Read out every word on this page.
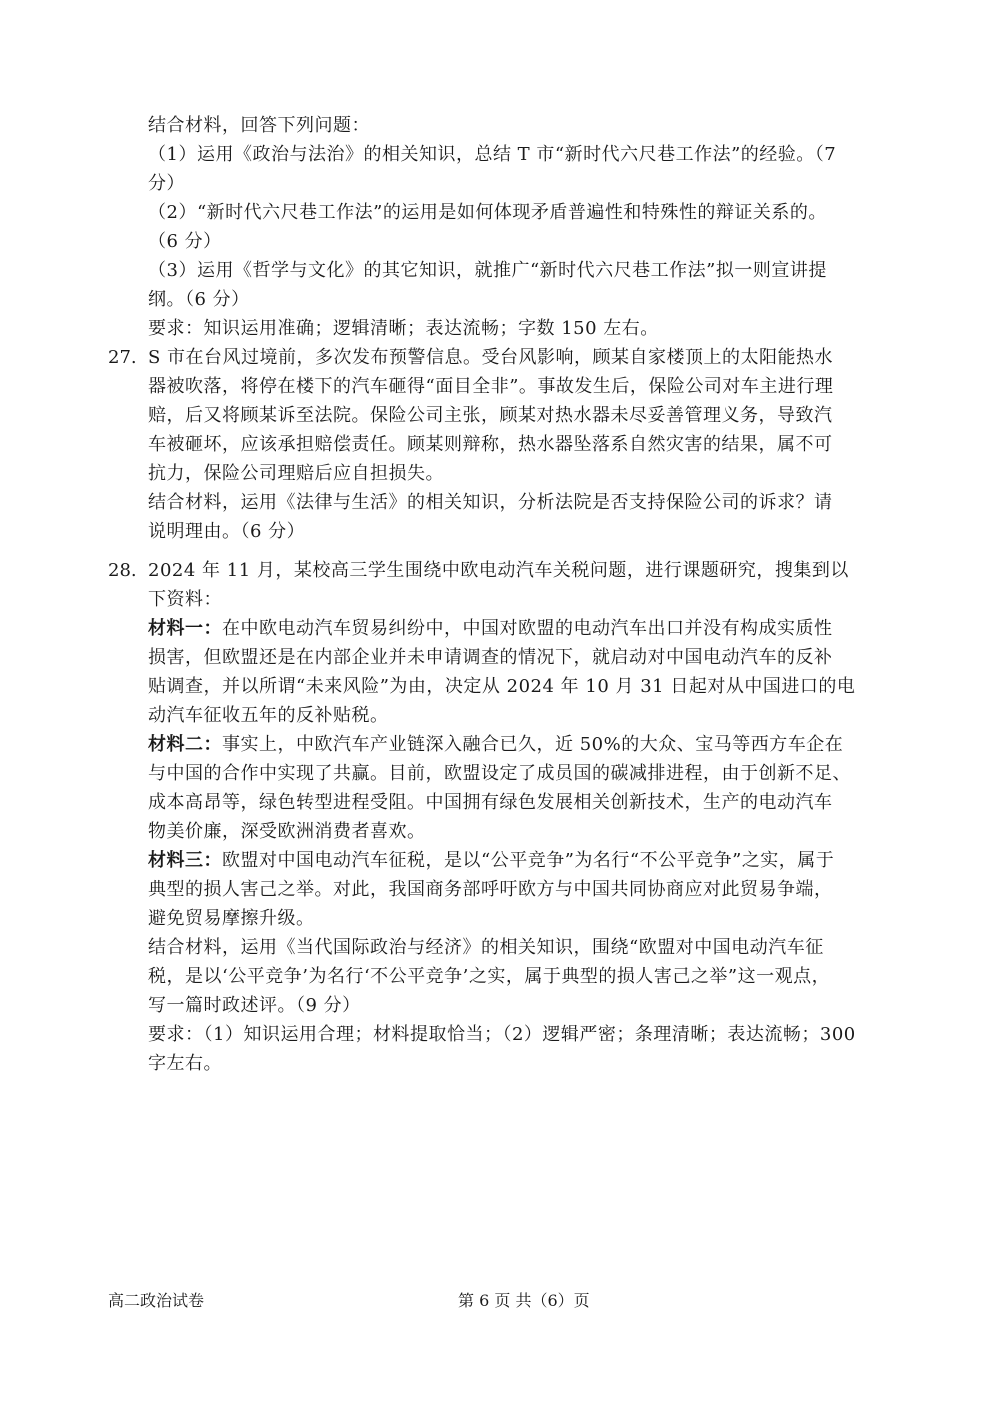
结合材料，回答下列问题：
（1）运用《政治与法治》的相关知识，总结 T 市“新时代六尺巷工作法”的经验。（7
分）
（2）“新时代六尺巷工作法”的运用是如何体现矛盾普遍性和特殊性的辩证关系的。
（6 分）
（3）运用《哲学与文化》的其它知识，就推广“新时代六尺巷工作法”拟一则宣讲提
纲。（6 分）
要求：知识运用准确；逻辑清晰；表达流畅；字数 150 左右。
27. S 市在台风过境前，多次发布预警信息。受台风影响，顾某自家楼顶上的太阳能热水
器被吹落，将停在楼下的汽车砸得“面目全非”。事故发生后，保险公司对车主进行理
赔，后又将顾某诉至法院。保险公司主张，顾某对热水器未尽妥善管理义务，导致汽
车被砸坏，应该承担赔偿责任。顾某则辩称，热水器坠落系自然灾害的结果，属不可
抗力，保险公司理赔后应自担损失。
结合材料，运用《法律与生活》的相关知识，分析法院是否支持保险公司的诉求？请
说明理由。（6 分）
28. 2024 年 11 月，某校高三学生围绕中欧电动汽车关税问题，进行课题研究，搜集到以
下资料：
材料一：在中欧电动汽车贸易纠纷中，中国对欧盟的电动汽车出口并没有构成实质性
损害，但欧盟还是在内部企业并未申请调查的情况下，就启动对中国电动汽车的反补
贴调查，并以所谓“未来风险”为由，决定从 2024 年 10 月 31 日起对从中国进口的电
动汽车征收五年的反补贴税。
材料二：事实上，中欧汽车产业链深入融合已久，近 50%的大众、宝马等西方车企在
与中国的合作中实现了共赢。目前，欧盟设定了成员国的碳减排进程，由于创新不足、
成本高昂等，绿色转型进程受阻。中国拥有绿色发展相关创新技术，生产的电动汽车
物美价廉，深受欧洲消费者喜欢。
材料三：欧盟对中国电动汽车征税，是以“公平竞争”为名行“不公平竞争”之实，属于
典型的损人害己之举。对此，我国商务部呼吁欧方与中国共同协商应对此贸易争端，
避免贸易摩擦升级。
结合材料，运用《当代国际政治与经济》的相关知识，围绕“欧盟对中国电动汽车征
税，是以‘公平竞争’为名行‘不公平竞争’之实，属于典型的损人害己之举”这一观点，
写一篇时政述评。（9 分）
要求：（1）知识运用合理；材料提取恰当；（2）逻辑严密；条理清晰；表达流畅；300
字左右。
高二政治试卷	第 6 页 共（6）页
